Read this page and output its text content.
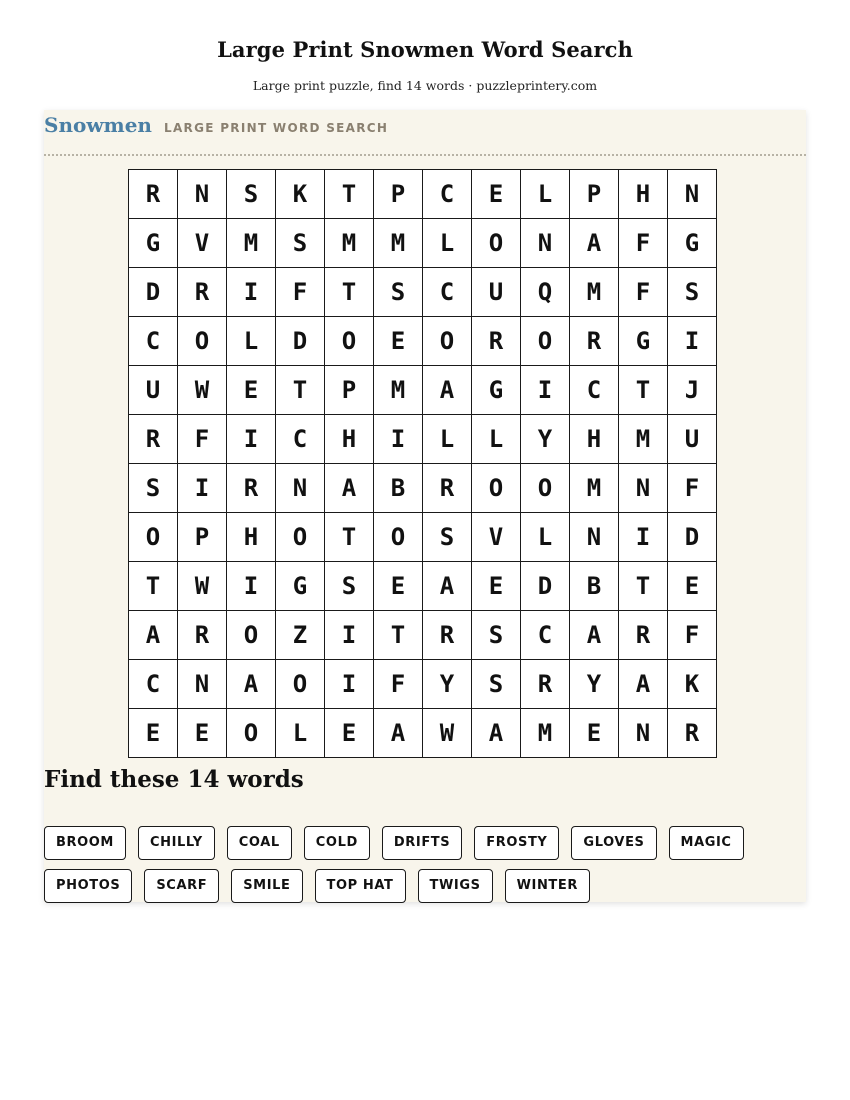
Large Print Snowmen Word Search
Large print puzzle, find 14 words · puzzleprintery.com
Snowmen LARGE PRINT WORD SEARCH
R	N	S	K	T	P	C	E	L	P	H	N
G	V	M	S	M	M	L	O	N	A	F	G
D	R	I	F	T	S	C	U	Q	M	F	S
C	O	L	D	O	E	O	R	O	R	G	I
U	W	E	T	P	M	A	G	I	C	T	J
R	F	I	C	H	I	L	L	Y	H	M	U
S	I	R	N	A	B	R	O	O	M	N	F
O	P	H	O	T	O	S	V	L	N	I	D
T	W	I	G	S	E	A	E	D	B	T	E
A	R	O	Z	I	T	R	S	C	A	R	F
C	N	A	O	I	F	Y	S	R	Y	A	K
E	E	O	L	E	A	W	A	M	E	N	R
Find these 14 words
BROOM	CHILLY	COAL	COLD	DRIFTS	FROSTY	GLOVES	MAGIC
PHOTOS	SCARF	SMILE	TOP HAT	TWIGS	WINTER
